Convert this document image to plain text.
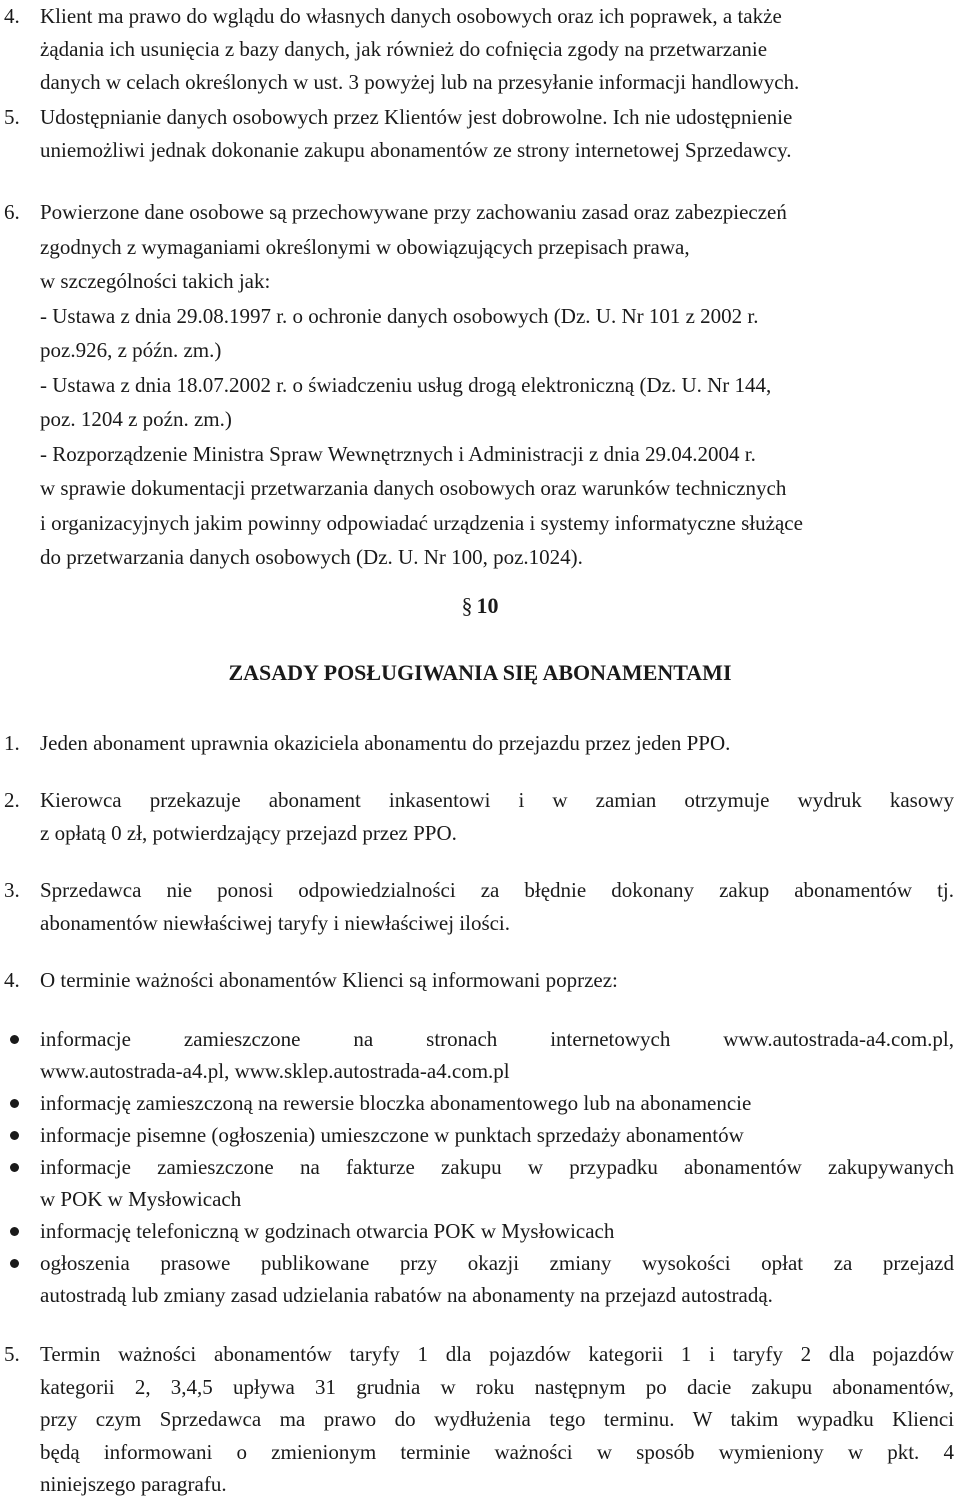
4. Klient ma prawo do wglądu do własnych danych osobowych oraz ich poprawek, a także
żądania ich usunięcia z bazy danych, jak również do cofnięcia zgody na przetwarzanie
danych w celach określonych w ust. 3 powyżej lub na przesyłanie informacji handlowych.
5. Udostępnianie danych osobowych przez Klientów jest dobrowolne. Ich nie udostępnienie
uniemożliwi jednak dokonanie zakupu abonamentów ze strony internetowej Sprzedawcy.
6. Powierzone dane osobowe są przechowywane przy zachowaniu zasad oraz zabezpieczeń
zgodnych z wymaganiami określonymi w obowiązujących przepisach prawa,
w szczególności takich jak:
- Ustawa z dnia 29.08.1997 r. o ochronie danych osobowych (Dz. U. Nr 101 z 2002 r.
poz.926, z późn. zm.)
- Ustawa z dnia 18.07.2002 r. o świadczeniu usług drogą elektroniczną (Dz. U. Nr 144,
poz. 1204 z poźn. zm.)
- Rozporządzenie Ministra Spraw Wewnętrznych i Administracji z dnia 29.04.2004 r.
w sprawie dokumentacji przetwarzania danych osobowych oraz warunków technicznych
i organizacyjnych jakim powinny odpowiadać urządzenia i systemy informatyczne służące
do przetwarzania danych osobowych (Dz. U. Nr 100, poz.1024).
§ 10
ZASADY POSŁUGIWANIA SIĘ ABONAMENTAMI
1. Jeden abonament uprawnia okaziciela abonamentu do przejazdu przez jeden PPO.
2. Kierowca przekazuje abonament inkasentowi i w zamian otrzymuje wydruk kasowy
z opłatą 0 zł, potwierdzający przejazd przez PPO.
3. Sprzedawca nie ponosi odpowiedzialności za błędnie dokonany zakup abonamentów tj.
abonamentów niewłaściwej taryfy i niewłaściwej ilości.
4. O terminie ważności abonamentów Klienci są informowani poprzez:
informacje zamieszczone na stronach internetowych www.autostrada-a4.com.pl,
www.autostrada-a4.pl, www.sklep.autostrada-a4.com.pl
informację zamieszczoną na rewersie bloczka abonamentowego lub na abonamencie
informacje pisemne (ogłoszenia) umieszczone w punktach sprzedaży abonamentów
informacje zamieszczone na fakturze zakupu w przypadku abonamentów zakupywanych
w POK w Mysłowicach
informację telefoniczną w godzinach otwarcia POK w Mysłowicach
ogłoszenia prasowe publikowane przy okazji zmiany wysokości opłat za przejazd
autostradą lub zmiany zasad udzielania rabatów na abonamenty na przejazd autostradą.
5. Termin ważności abonamentów taryfy 1 dla pojazdów kategorii 1 i taryfy 2 dla pojazdów
kategorii 2, 3,4,5 upływa 31 grudnia w roku następnym po dacie zakupu abonamentów,
przy czym Sprzedawca ma prawo do wydłużenia tego terminu. W takim wypadku Klienci
będą informowani o zmienionym terminie ważności w sposób wymieniony w pkt. 4
niniejszego paragrafu.
